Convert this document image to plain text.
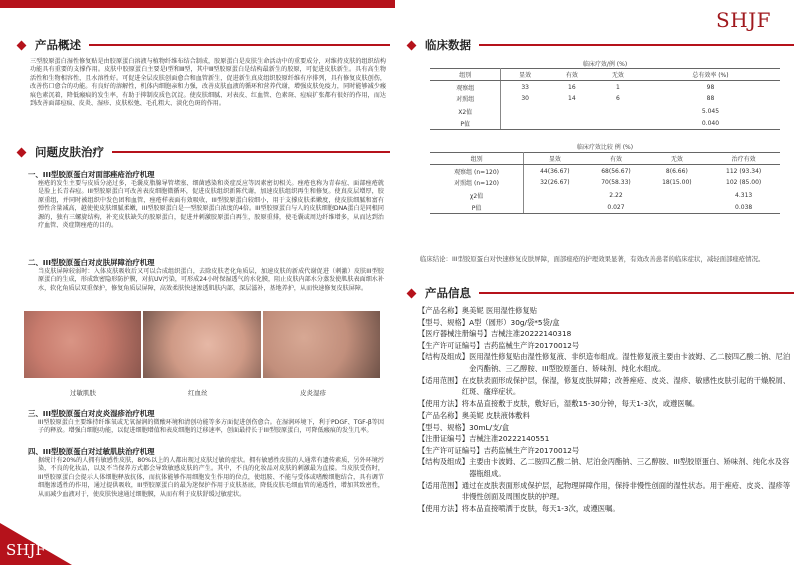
SHJF
SHJF
产品概述
三型胶原蛋白湿性修复贴是由胶原蛋白溶液与植物纤维布结合制成，胶原蛋白是皮肤生命活动中的重要成分，对维持皮肤的组织结构功能具有重要的支撑作用。皮肤中胶原蛋白主要是Ⅰ型和Ⅲ型，其中Ⅲ型胶原蛋白是结构最新生的胶原，可促进皮肤新生。具有高生物活性和生物相容性，且水溶性好。可促进全层皮肤创面愈合和血管新生，促进新生真皮组织胶原纤维有序排列，具有修复皮肤创伤，改善伤口愈合的功能。有良好的溶解性，机体内细胞亲和力强，改善皮肤血液的循环和营养代谢，增强皮肤免疫力，同时能够减少瘢痕色素沉着，降低瘢痕的发生率，有助于抑制皮质色沉淀。使皮肤细腻、对表皮、红血管、色素斑、痘痕扩张都有很好的作用，而达到改善面部痘痕、皮炎、湿疹、皮肤松弛、毛孔粗大、淡化色斑的作用。
问题皮肤治疗
一、III型胶原蛋白对面部痤疮治疗机理
痤疮的发生主要与皮质分泌过多，毛囊皮脂腺导管堵塞、细菌感染和炎症反应等因素密切相关。痤疮也称为青春痘、面部痤疮就是脸上长青春痘。III型胶原蛋白可改善表皮细胞微循环，促进皮肤组织新陈代谢，加速皮肤组织再生和修复。使真皮层增厚，胶原重组，并同时被组织中发色团和血管，痤疮样表面有效吸收，III型胶原蛋白较细小，用于支撑皮肤柔嫩度，使皮肤细腻和富有弹性含量减高，越使使皮肤细腻柔嫩，III型胶原蛋白是一型胶原蛋白浓度的4倍。III型胶原蛋白与人的皮肤细胞DNA蛋白是同根同源的，独有三螺旋结构，补充皮肤缺失的胶原蛋白，促进并刺激胶原蛋白再生，胶原重排，使毛囊或周边纤维增多，从而达到治疗血管、炎症期痤疮的目的。
二、III型胶原蛋白对皮肤屏障治疗机理
当皮肤屏障较弱时：入体皮肤吸收后又可以合成组织蛋白，去除皮肤老化角质层，加速皮肤的新成代谢促进（刺激）皮肤III型胶原蛋白的生成，形成致密隐形防护膜，对抗UV污染，可形成24小时保湿透气的水化膜，阻止皮肤内部水分蒸发使肌肤表面细水补水，软化角质层双重保护，修复角质层屏障，高效柔肤快速渗透肌肤内部，深层滋补，基地养护，从而快速修复皮肤屏障。
过敏肌肤	红血丝	皮炎湿疹
三、III型胶原蛋白对皮炎湿疹治疗机理
III型胶原蛋白主要维持纤维氧或无氧湿润的微酸环境和清创功能等多方面促进创伤愈合。在湿润环境下，利于PDGF、TGF-β等因子的释放。增强白细胞功能，以促进细胞增值和表皮细胞的迁移速率，创面最持长于III型胶原蛋白，可降低瘢痕的发生几率。
四、III型胶原蛋白对过敏肌肤治疗机理
据统计有20%的人拥有敏感性皮肤，80%以上的人都出现过皮肤过敏的症状。拥有敏感性皮肤的人通常有遗传素质，另外环境污染，不良的化妆品，以及不当保养方式都会导致敏感皮肤的产生。其中，不良的化妆品对皮肤的刺激最为直接。当皮肤受伤时，III型胶原蛋白会提示人体细胞释放抗体，而抗体能够作用细胞发生作用的位点，使组胺、不能与受体或嗜酸细胞结合，具有调节细胞渗透性的作用，通过提供吸收，III型胶原蛋白的最为迷保护作用于皮肤基底，降低皮肤毛细血管的通透性，增加其致密性，从而减少血液对于，使皮肤快速通过细胞膜，从而有利于皮肤舒缓过敏症状。
临床数据
临床疗效/例 (%)
组别	显效	有效	无效	总有效率 (%)
观察组	33	16	1	98
对照组	30	14	6	88
X2值				5.045
P值				0.040
临床疗效比较 例 (%)
组别	显效	有效	无效	治疗有效
观察组 (n=120)	44(36.67)	68(56.67)	8(6.66)	112 (93.34)
对照组 (n=120)	32(26.67)	70(58.33)	18(15.00)	102 (85.00)
χ2值		2.22		4.313
P值		0.027		0.038
临床结论：III型胶原蛋白对快速修复皮肤屏障，面部痤疮的护理效果显著，有效改善患者的临床症状，减轻面部痤疮情况。
产品信息
【产品名称】 奥美妮 医用湿性修复贴
【型号、规格】 A型（圆形）30g/袋*5袋/盒
【医疗器械注册编号】 吉械注准20222140318
【生产许可证编号】 吉药监械生产许20170012号
【结构及组成】 医用湿性修复贴由湿性修复液、非织造布组成。湿性修复液主要由卡波姆、乙二胺四乙酸二钠、尼泊金丙酯钠、三乙醇胺、III型胶原蛋白、矫味剂、纯化水组成。
【适用范围】 在皮肤表面形成保护层，保湿，修复皮肤屏障；改善痤疮、皮炎、湿疹、敏感性皮肤引起的干燥脱屑、红斑、瘙痒症状。
【使用方法】 将本品直接敷于皮肤，敷好后，湿敷15-30分钟，每天1-3次，或遵医嘱。
【产品名称】 奥美妮 皮肤液体敷料
【型号、规格】 30mL/支/盒
【注册证编号】 吉械注准20222140551
【生产许可证编号】 吉药监械生产许20170012号
【结构及组成】 主要由卡波姆、乙二胺四乙酸二钠、尼泊金丙酯钠、三乙醇胺、III型胶原蛋白、矫味剂、纯化水及容器瓶组成。
【适用范围】 通过在皮肤表面形成保护层，起物理屏障作用，保持非慢性创面的湿性状态。用于痤疮、皮炎、湿疹等非慢性创面及周围皮肤的护理。
【使用方法】 将本品直接喷洒于皮肤，每天1-3次，或遵医嘱。
